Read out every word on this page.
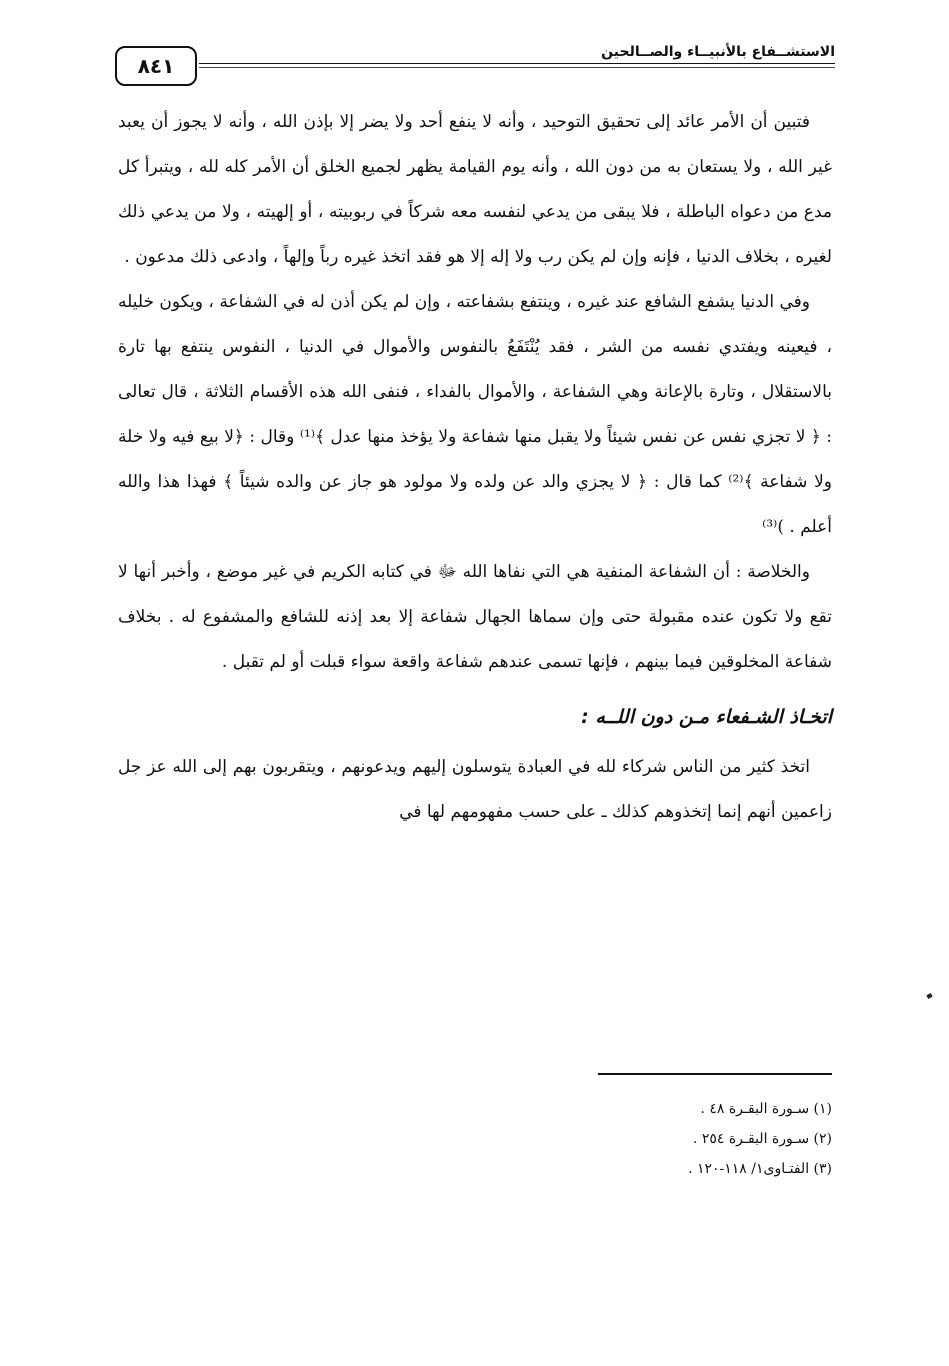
٨٤١
الاستشــفاع بالأنبيــاء والصــالحين

فتبين أن الأمر عائد إلى تحقيق التوحيد ، وأنه لا ينفع أحد ولا يضر إلا بإذن الله ، وأنه لا يجوز أن يعبد غير الله ، ولا يستعان به من دون الله ، وأنه يوم القيامة يظهر لجميع الخلق أن الأمر كله لله ، ويتبرأ كل مدع من دعواه الباطلة ، فلا يبقى من يدعي لنفسه معه شركاً في ربوبيته ، أو إلهيته ، ولا من يدعي ذلك لغيره ، بخلاف الدنيا ، فإنه وإن لم يكن رب ولا إله إلا هو فقد اتخذ غيره رباً وإلهاً ، وادعى ذلك مدعون .

وفي الدنيا يشفع الشافع عند غيره ، وينتفع بشفاعته ، وإن لم يكن أذن له في الشفاعة ، ويكون خليله ، فيعينه ويفتدي نفسه من الشر ، فقد يُنْتَفَعُ بالنفوس والأموال في الدنيا ، النفوس ينتفع بها تارة بالاستقلال ، وتارة بالإعانة وهي الشفاعة ، والأموال بالفداء ، فنفى الله هذه الأقسام الثلاثة ، قال تعالى : ﴿ لا تجزي نفس عن نفس شيئاً ولا يقبل منها شفاعة ولا يؤخذ منها عدل ﴾⁽¹⁾ وقال : ﴿لا بيع فيه ولا خلة ولا شفاعة ﴾⁽²⁾ كما قال : ﴿ لا يجزي والد عن ولده ولا مولود هو جاز عن والده شيئاً ﴾ فهذا هذا والله أعلم . )⁽³⁾

والخلاصة : أن الشفاعة المنفية هي التي نفاها الله ﷻ في كتابه الكريم في غير موضع ، وأخبر أنها لا تقع ولا تكون عنده مقبولة حتى وإن سماها الجهال شفاعة إلا بعد إذنه للشافع والمشفوع له . بخلاف شفاعة المخلوقين فيما بينهم ، فإنها تسمى عندهم شفاعة واقعة سواء قبلت أو لم تقبل .

اتخـاذ الشـفعاء مـن دون اللــه :

اتخذ كثير من الناس شركاء لله في العبادة يتوسلون إليهم ويدعونهم ، ويتقربون بهم إلى الله عز جل زاعمين أنهم إنما إتخذوهم كذلك ـ على حسب مفهومهم لها في

(١) سـورة البقـرة ٤٨ .

(٢) سـورة البقـرة ٢٥٤ .

(٣) الفتـاوى١/ ١١٨-١٢٠ .
